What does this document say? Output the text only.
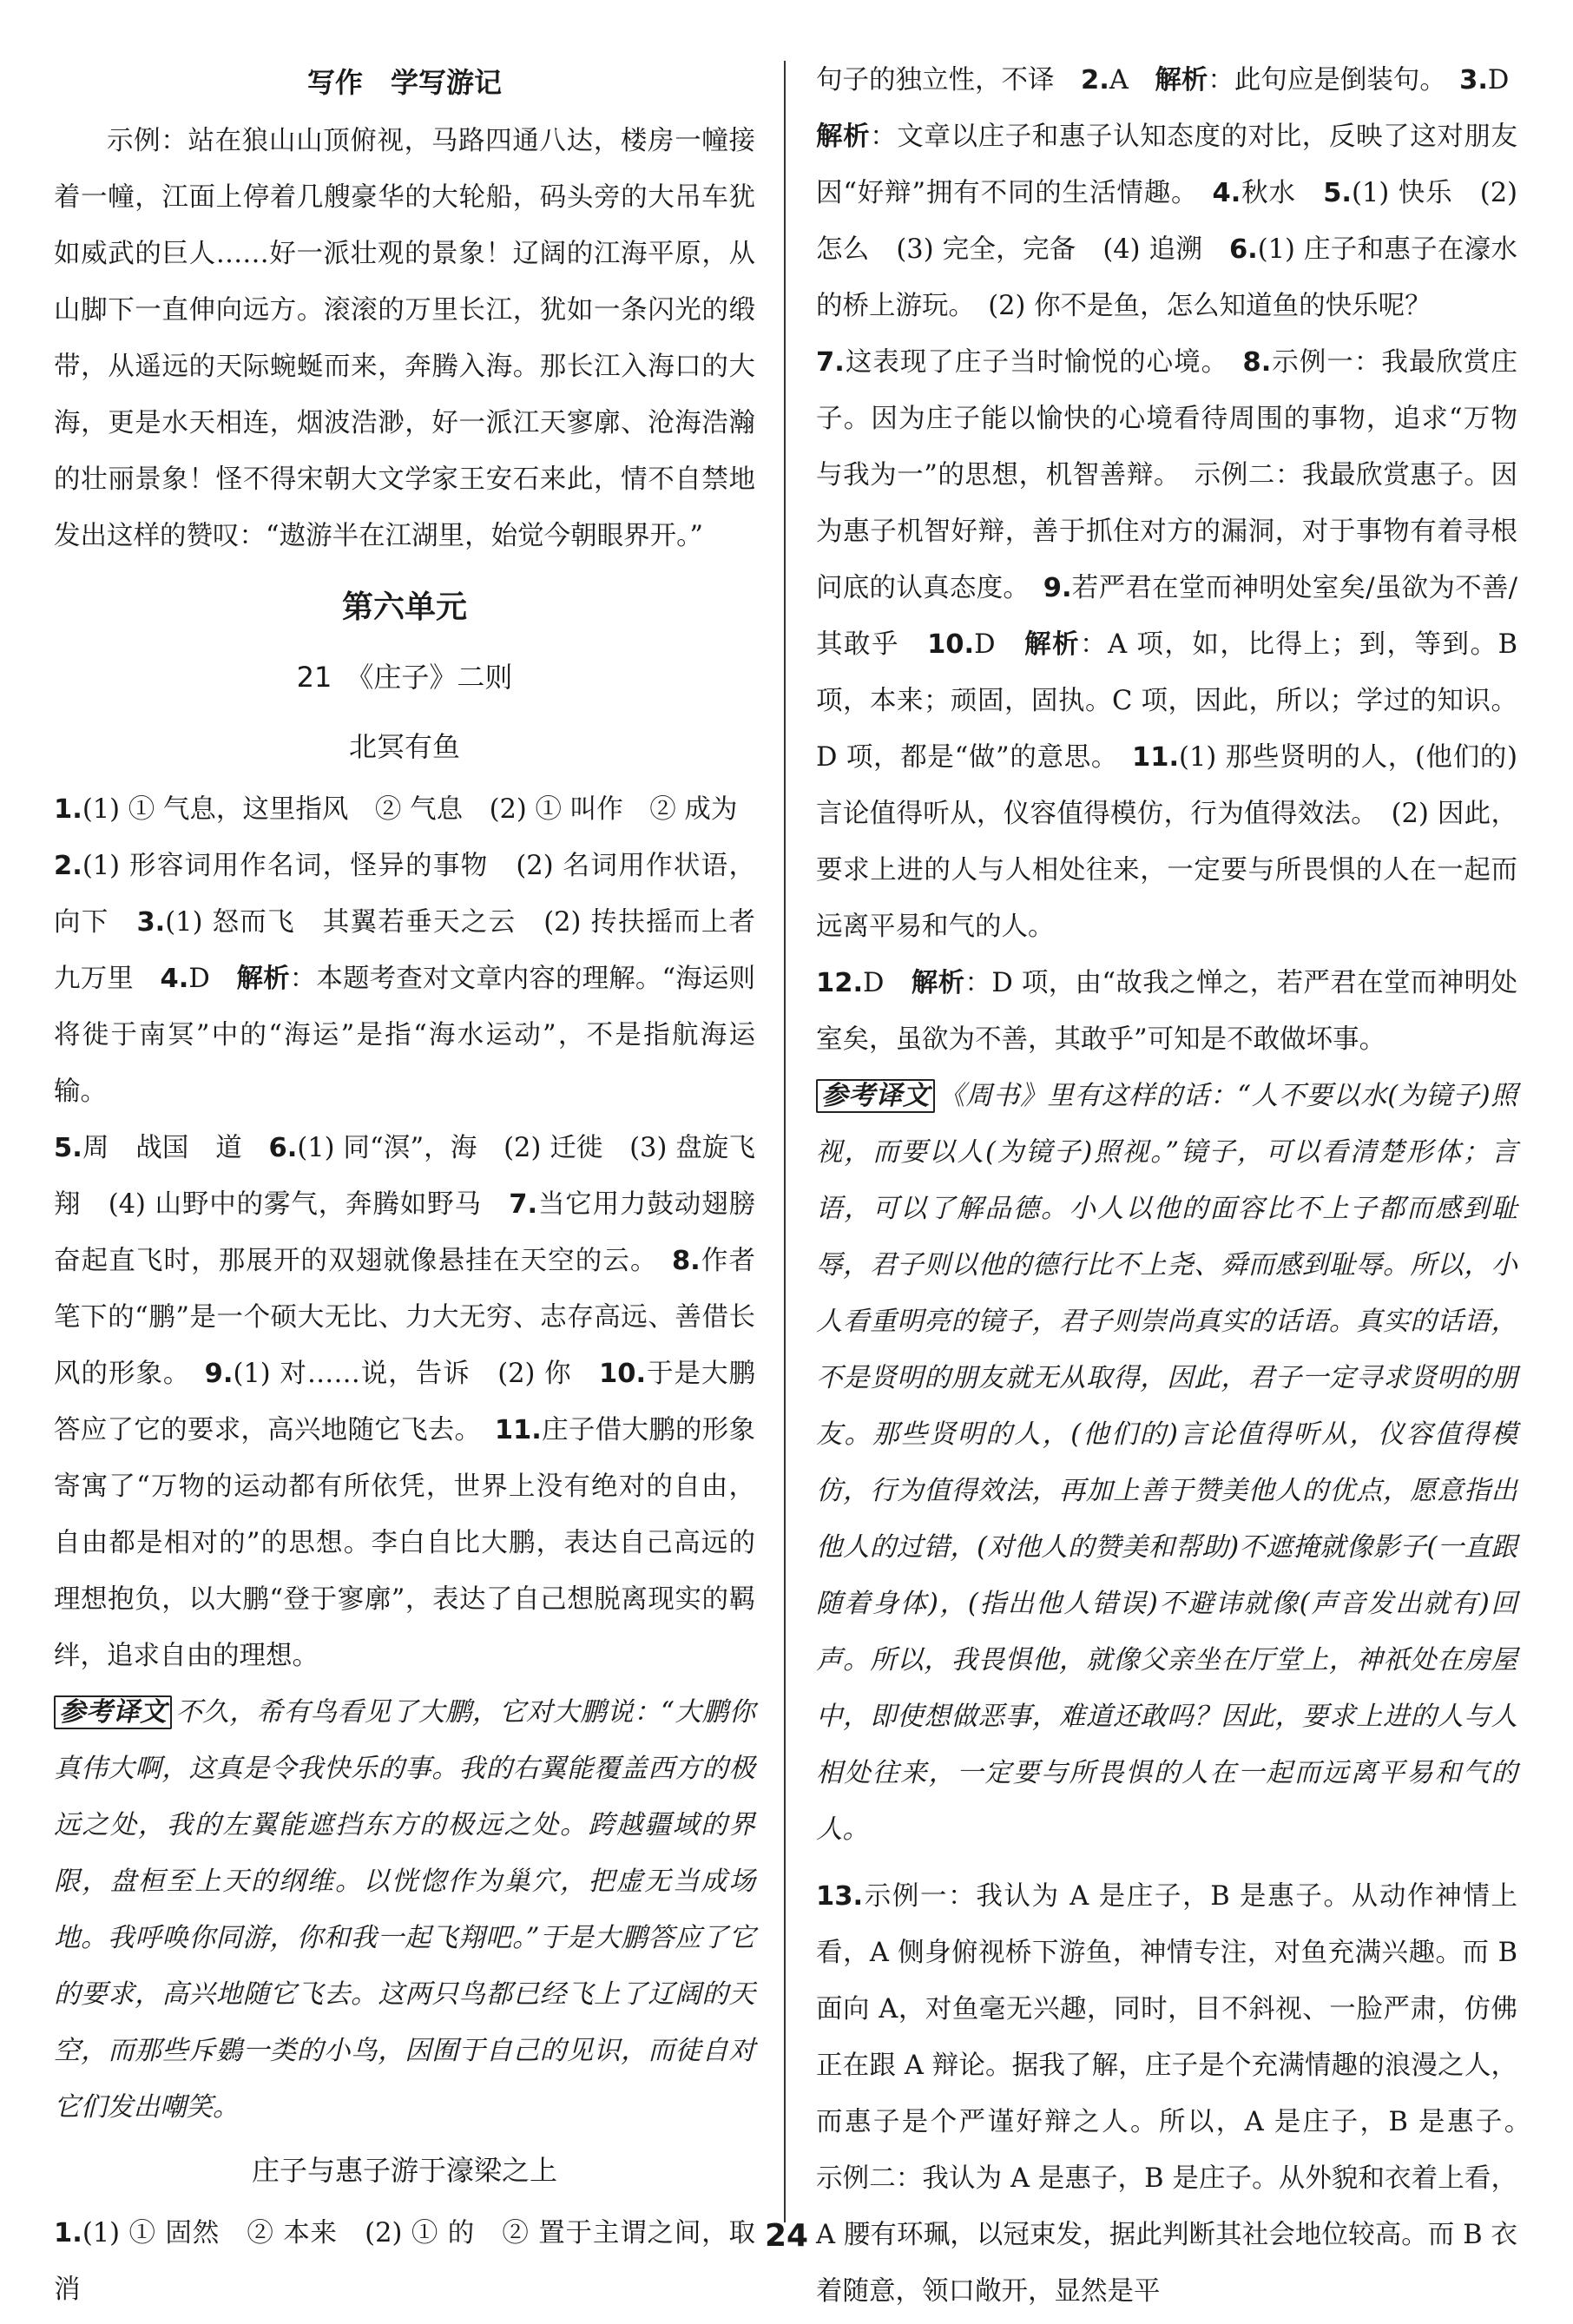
写作　学写游记

示例：站在狼山山顶俯视，马路四通八达，楼房一幢接着一幢，江面上停着几艘豪华的大轮船，码头旁的大吊车犹如威武的巨人……好一派壮观的景象！辽阔的江海平原，从山脚下一直伸向远方。滚滚的万里长江，犹如一条闪光的缎带，从遥远的天际蜿蜒而来，奔腾入海。那长江入海口的大海，更是水天相连，烟波浩渺，好一派江天寥廓、沧海浩瀚的壮丽景象！怪不得宋朝大文学家王安石来此，情不自禁地发出这样的赞叹：“遨游半在江湖里，始觉今朝眼界开。”

第六单元

21　《庄子》二则

北冥有鱼

1.(1) ① 气息，这里指风　② 气息　(2) ① 叫作　② 成为

2.(1) 形容词用作名词，怪异的事物　(2) 名词用作状语，向下　3.(1) 怒而飞　其翼若垂天之云　(2) 抟扶摇而上者九万里　4.D　解析：本题考查对文章内容的理解。“海运则将徙于南冥”中的“海运”是指“海水运动”，不是指航海运输。

5.周　战国　道　6.(1) 同“溟”，海　(2) 迁徙　(3) 盘旋飞翔　(4) 山野中的雾气，奔腾如野马　7.当它用力鼓动翅膀奋起直飞时，那展开的双翅就像悬挂在天空的云。　8.作者笔下的“鹏”是一个硕大无比、力大无穷、志存高远、善借长风的形象。　9.(1) 对……说，告诉　(2) 你　10.于是大鹏答应了它的要求，高兴地随它飞去。　11.庄子借大鹏的形象寄寓了“万物的运动都有所依凭，世界上没有绝对的自由，自由都是相对的”的思想。李白自比大鹏，表达自己高远的理想抱负，以大鹏“登于寥廓”，表达了自己想脱离现实的羁绊，追求自由的理想。

参考译文 不久，希有鸟看见了大鹏，它对大鹏说：“大鹏你真伟大啊，这真是令我快乐的事。我的右翼能覆盖西方的极远之处，我的左翼能遮挡东方的极远之处。跨越疆域的界限，盘桓至上天的纲维。以恍惚作为巢穴，把虚无当成场地。我呼唤你同游，你和我一起飞翔吧。”于是大鹏答应了它的要求，高兴地随它飞去。这两只鸟都已经飞上了辽阔的天空，而那些斥鷃一类的小鸟，因囿于自己的见识，而徒自对它们发出嘲笑。

庄子与惠子游于濠梁之上

1.(1) ① 固然　② 本来　(2) ① 的　② 置于主谓之间，取消

句子的独立性，不译　2.A　解析：此句应是倒装句。　3.D
解析：文章以庄子和惠子认知态度的对比，反映了这对朋友因“好辩”拥有不同的生活情趣。　4.秋水　5.(1) 快乐　(2) 怎么　(3) 完全，完备　(4) 追溯　6.(1) 庄子和惠子在濠水的桥上游玩。　(2) 你不是鱼，怎么知道鱼的快乐呢？

7.这表现了庄子当时愉悦的心境。　8.示例一：我最欣赏庄子。因为庄子能以愉快的心境看待周围的事物，追求“万物与我为一”的思想，机智善辩。　示例二：我最欣赏惠子。因为惠子机智好辩，善于抓住对方的漏洞，对于事物有着寻根问底的认真态度。　9.若严君在堂而神明处室矣/虽欲为不善/其敢乎　10.D　解析：A 项，如，比得上；到，等到。B 项，本来；顽固，固执。C 项，因此，所以；学过的知识。D 项，都是“做”的意思。　11.(1) 那些贤明的人，(他们的)言论值得听从，仪容值得模仿，行为值得效法。　(2) 因此，要求上进的人与人相处往来，一定要与所畏惧的人在一起而远离平易和气的人。

12.D　解析：D 项，由“故我之惮之，若严君在堂而神明处室矣，虽欲为不善，其敢乎”可知是不敢做坏事。

参考译文 《周书》里有这样的话：“人不要以水(为镜子)照视，而要以人(为镜子)照视。”镜子，可以看清楚形体；言语，可以了解品德。小人以他的面容比不上子都而感到耻辱，君子则以他的德行比不上尧、舜而感到耻辱。所以，小人看重明亮的镜子，君子则崇尚真实的话语。真实的话语，不是贤明的朋友就无从取得，因此，君子一定寻求贤明的朋友。那些贤明的人，(他们的)言论值得听从，仪容值得模仿，行为值得效法，再加上善于赞美他人的优点，愿意指出他人的过错，(对他人的赞美和帮助)不遮掩就像影子(一直跟随着身体)，(指出他人错误)不避讳就像(声音发出就有)回声。所以，我畏惧他，就像父亲坐在厅堂上，神祇处在房屋中，即使想做恶事，难道还敢吗？因此，要求上进的人与人相处往来，一定要与所畏惧的人在一起而远离平易和气的人。

13.示例一：我认为 A 是庄子，B 是惠子。从动作神情上看，A 侧身俯视桥下游鱼，神情专注，对鱼充满兴趣。而 B 面向 A，对鱼毫无兴趣，同时，目不斜视、一脸严肃，仿佛正在跟 A 辩论。据我了解，庄子是个充满情趣的浪漫之人，而惠子是个严谨好辩之人。所以，A 是庄子，B 是惠子。　示例二：我认为 A 是惠子，B 是庄子。从外貌和衣着上看，A 腰有环珮，以冠束发，据此判断其社会地位较高。而 B 衣着随意，领口敞开，显然是平

24
